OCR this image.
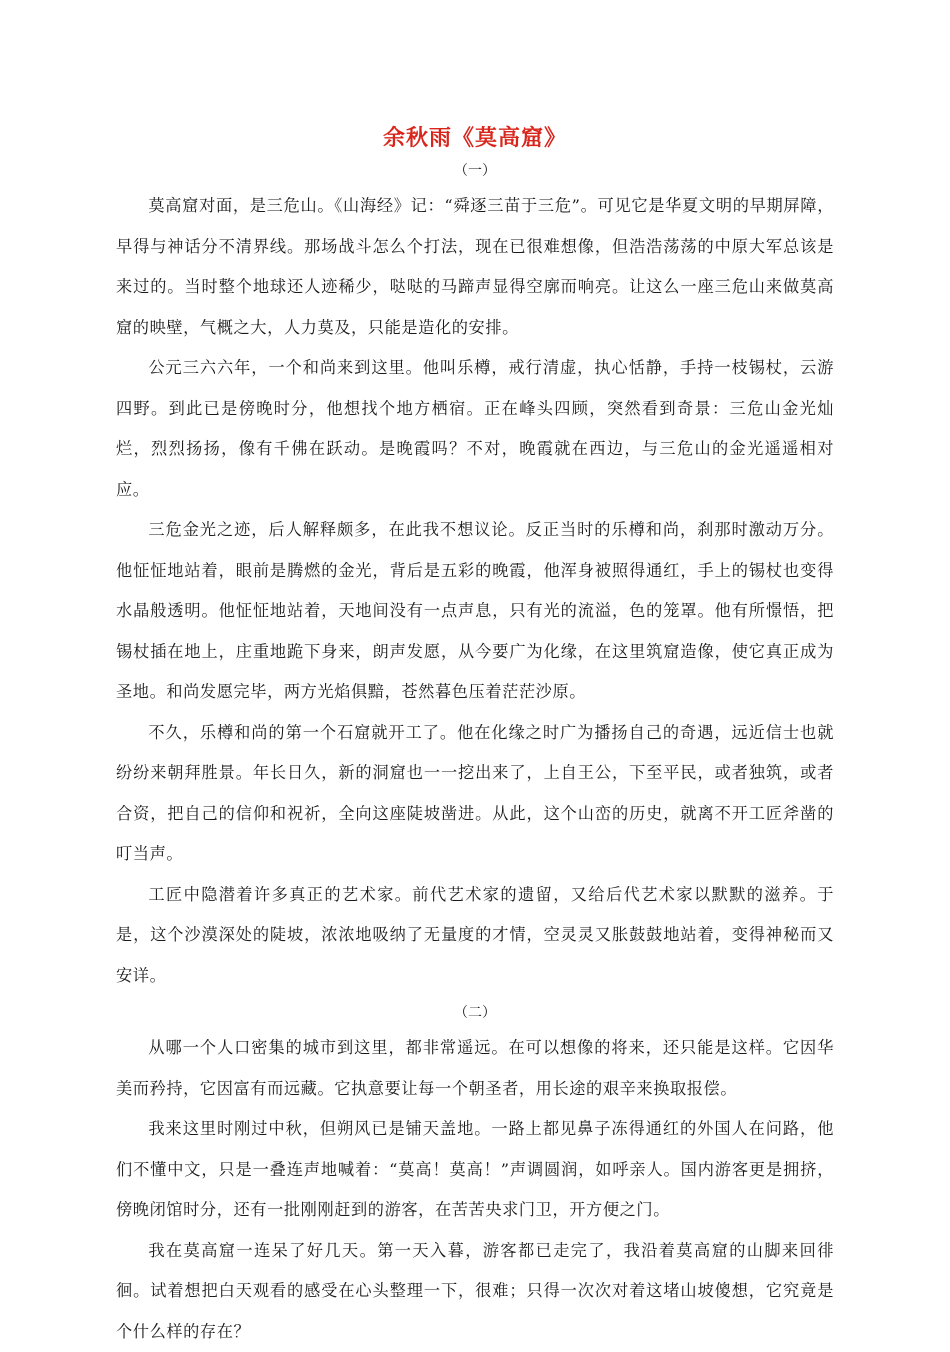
余秋雨《莫高窟》
（一）

莫高窟对面，是三危山。《山海经》记：“舜逐三苗于三危”。可见它是华夏文明的早期屏障，早得与神话分不清界线。那场战斗怎么个打法，现在已很难想像，但浩浩荡荡的中原大军总该是来过的。当时整个地球还人迹稀少，哒哒的马蹄声显得空廓而响亮。让这么一座三危山来做莫高窟的映壁，气概之大，人力莫及，只能是造化的安排。

公元三六六年，一个和尚来到这里。他叫乐樽，戒行清虚，执心恬静，手持一枝锡杖，云游四野。到此已是傍晚时分，他想找个地方栖宿。正在峰头四顾，突然看到奇景：三危山金光灿烂，烈烈扬扬，像有千佛在跃动。是晚霞吗？不对，晚霞就在西边，与三危山的金光遥遥相对应。

三危金光之迹，后人解释颇多，在此我不想议论。反正当时的乐樽和尚，刹那时激动万分。他怔怔地站着，眼前是腾燃的金光，背后是五彩的晚霞，他浑身被照得通红，手上的锡杖也变得水晶般透明。他怔怔地站着，天地间没有一点声息，只有光的流溢，色的笼罩。他有所憬悟，把锡杖插在地上，庄重地跪下身来，朗声发愿，从今要广为化缘，在这里筑窟造像，使它真正成为圣地。和尚发愿完毕，两方光焰俱黯，苍然暮色压着茫茫沙原。

不久，乐樽和尚的第一个石窟就开工了。他在化缘之时广为播扬自己的奇遇，远近信士也就纷纷来朝拜胜景。年长日久，新的洞窟也一一挖出来了，上自王公，下至平民，或者独筑，或者合资，把自己的信仰和祝祈，全向这座陡坡凿进。从此，这个山峦的历史，就离不开工匠斧凿的叮当声。

工匠中隐潜着许多真正的艺术家。前代艺术家的遗留，又给后代艺术家以默默的滋养。于是，这个沙漠深处的陡坡，浓浓地吸纳了无量度的才情，空灵灵又胀鼓鼓地站着，变得神秘而又安详。

（二）

从哪一个人口密集的城市到这里，都非常遥远。在可以想像的将来，还只能是这样。它因华美而矜持，它因富有而远藏。它执意要让每一个朝圣者，用长途的艰辛来换取报偿。

我来这里时刚过中秋，但朔风已是铺天盖地。一路上都见鼻子冻得通红的外国人在问路，他们不懂中文，只是一叠连声地喊着：“莫高！莫高！”声调圆润，如呼亲人。国内游客更是拥挤，傍晚闭馆时分，还有一批刚刚赶到的游客，在苦苦央求门卫，开方便之门。

我在莫高窟一连呆了好几天。第一天入暮，游客都已走完了，我沿着莫高窟的山脚来回徘徊。试着想把白天观看的感受在心头整理一下，很难；只得一次次对着这堵山坡傻想，它究竟是个什么样的存在？
